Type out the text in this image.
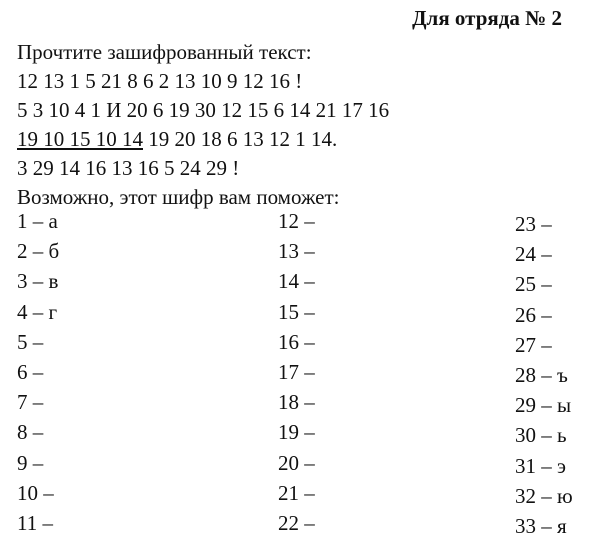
Для отряда № 2
Прочтите зашифрованный текст:
12 13 1 5 21 8 6 2 13 10 9 12 16 !
5 3 10 4 1 И 20 6 19 30 12 15 6 14 21 17 16
19 10 15 10 14 19 20 18 6 13 12 1 14.
3 29 14 16 13 16 5 24 29 !
Возможно, этот шифр вам поможет:
1 – а
2 – б
3 – в
4 – г
5 –
6 –
7 –
8 –
9 –
10 –
11 –
12 –
13 –
14 –
15 –
16 –
17 –
18 –
19 –
20 –
21 –
22 –
23 –
24 –
25 –
26 –
27 –
28 – ъ
29 – ы
30 – ь
31 – э
32 – ю
33 – я
